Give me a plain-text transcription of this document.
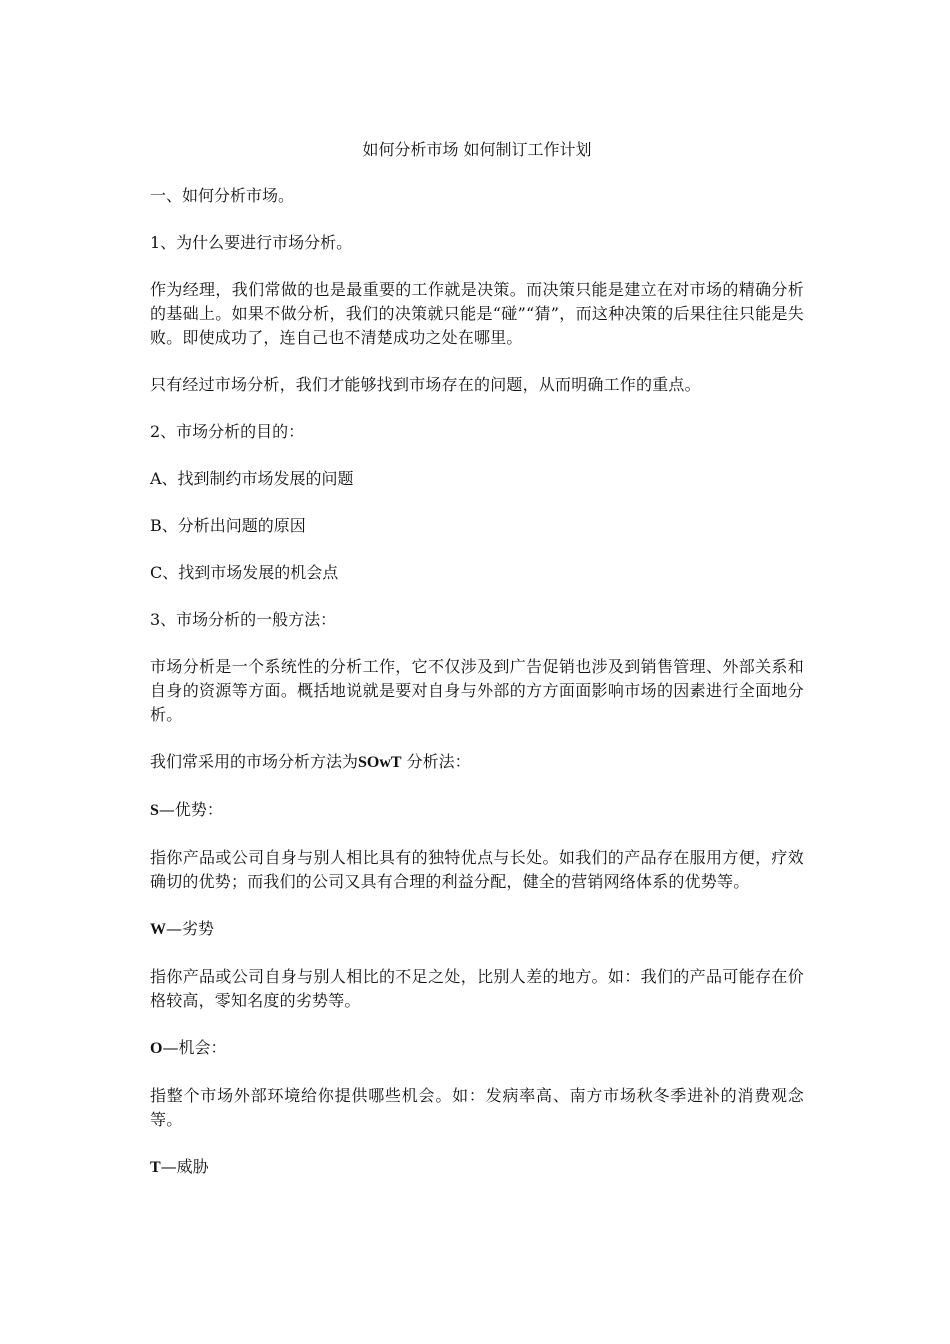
如何分析市场 如何制订工作计划

一、如何分析市场。

1、为什么要进行市场分析。

作为经理，我们常做的也是最重要的工作就是决策。而决策只能是建立在对市场的精确分析的基础上。如果不做分析，我们的决策就只能是“碰”“猜”，而这种决策的后果往往只能是失败。即使成功了，连自己也不清楚成功之处在哪里。

只有经过市场分析，我们才能够找到市场存在的问题，从而明确工作的重点。

2、市场分析的目的：

A、找到制约市场发展的问题

B、分析出问题的原因

C、找到市场发展的机会点

3、市场分析的一般方法：

市场分析是一个系统性的分析工作，它不仅涉及到广告促销也涉及到销售管理、外部关系和自身的资源等方面。概括地说就是要对自身与外部的方方面面影响市场的因素进行全面地分析。

我们常采用的市场分析方法为SOwT 分析法：

S—优势：

指你产品或公司自身与别人相比具有的独特优点与长处。如我们的产品存在服用方便，疗效确切的优势；而我们的公司又具有合理的利益分配，健全的营销网络体系的优势等。

W—劣势

指你产品或公司自身与别人相比的不足之处，比别人差的地方。如：我们的产品可能存在价格较高，零知名度的劣势等。

O—机会：

指整个市场外部环境给你提供哪些机会。如：发病率高、南方市场秋冬季进补的消费观念等。

T—威胁
